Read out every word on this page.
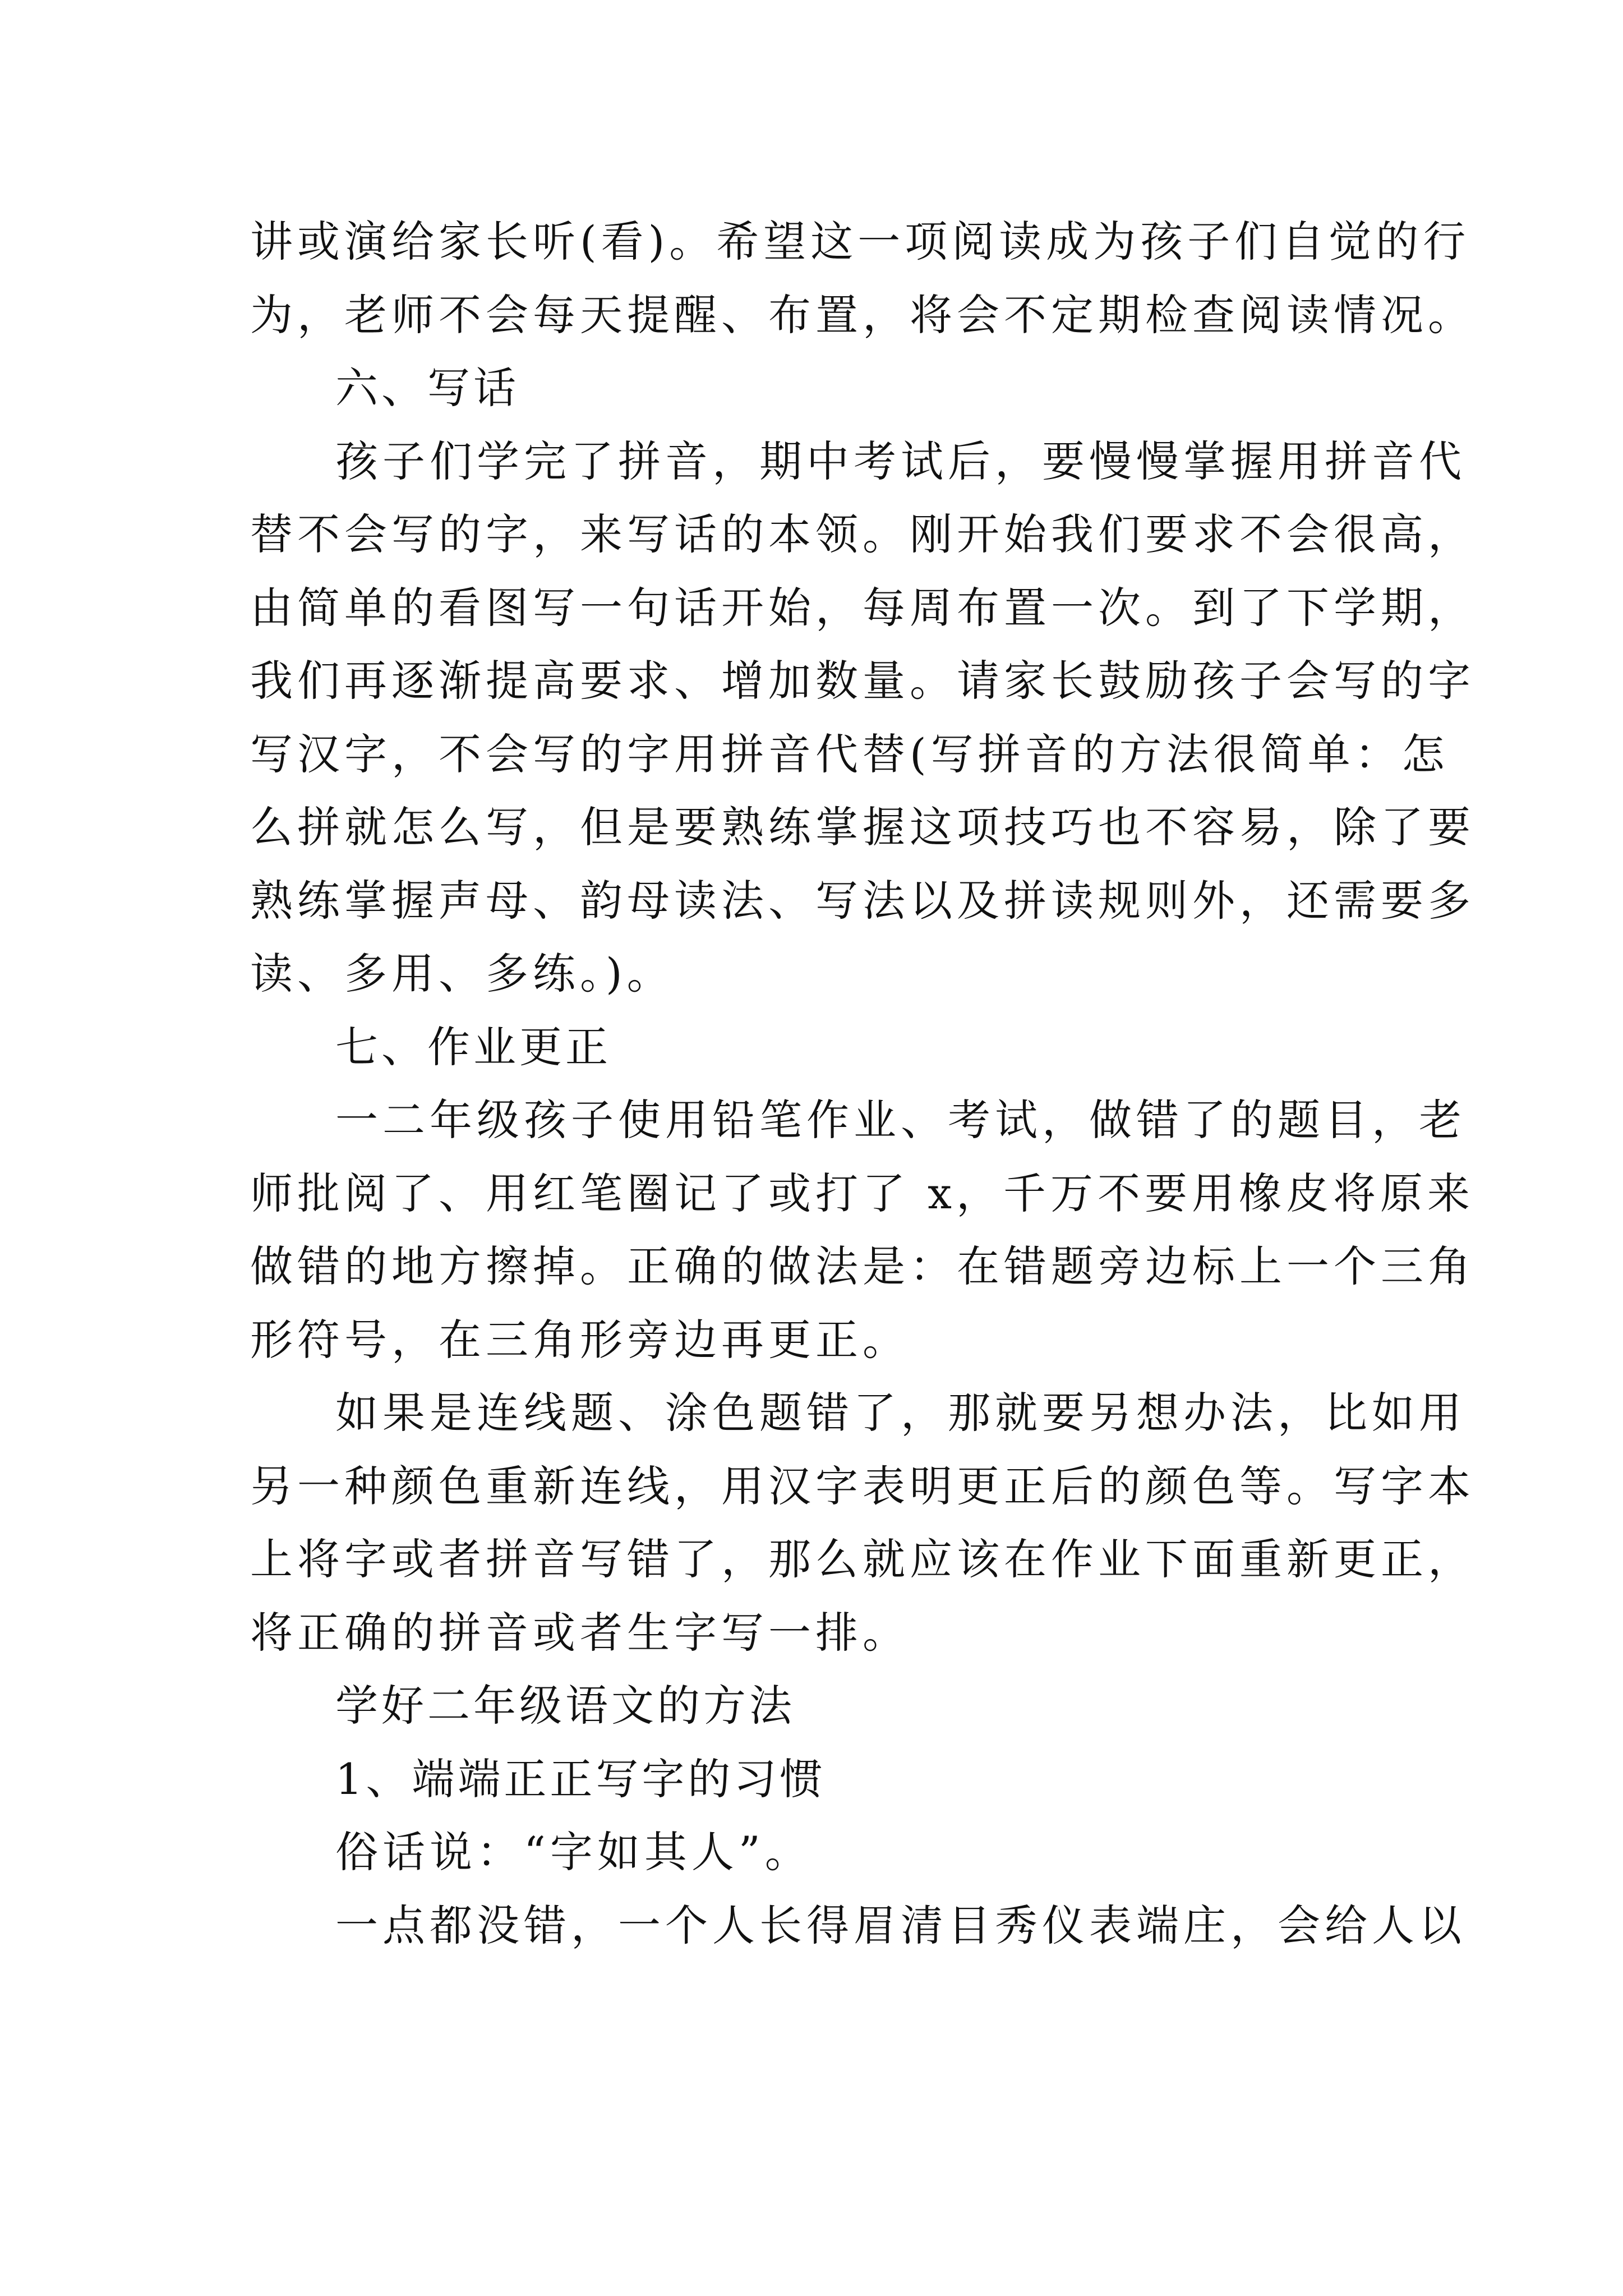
讲或演给家长听(看)。希望这一项阅读成为孩子们自觉的行
为，老师不会每天提醒、布置，将会不定期检查阅读情况。
六、写话
孩子们学完了拼音，期中考试后，要慢慢掌握用拼音代
替不会写的字，来写话的本领。刚开始我们要求不会很高，
由简单的看图写一句话开始，每周布置一次。到了下学期，
我们再逐渐提高要求、增加数量。请家长鼓励孩子会写的字
写汉字，不会写的字用拼音代替(写拼音的方法很简单：怎
么拼就怎么写，但是要熟练掌握这项技巧也不容易，除了要
熟练掌握声母、韵母读法、写法以及拼读规则外，还需要多
读、多用、多练。)。
七、作业更正
一二年级孩子使用铅笔作业、考试，做错了的题目，老
师批阅了、用红笔圈记了或打了 x，千万不要用橡皮将原来
做错的地方擦掉。正确的做法是：在错题旁边标上一个三角
形符号，在三角形旁边再更正。
如果是连线题、涂色题错了，那就要另想办法，比如用
另一种颜色重新连线，用汉字表明更正后的颜色等。写字本
上将字或者拼音写错了，那么就应该在作业下面重新更正，
将正确的拼音或者生字写一排。
学好二年级语文的方法
1、端端正正写字的习惯
俗话说：“字如其人”。
一点都没错，一个人长得眉清目秀仪表端庄，会给人以
